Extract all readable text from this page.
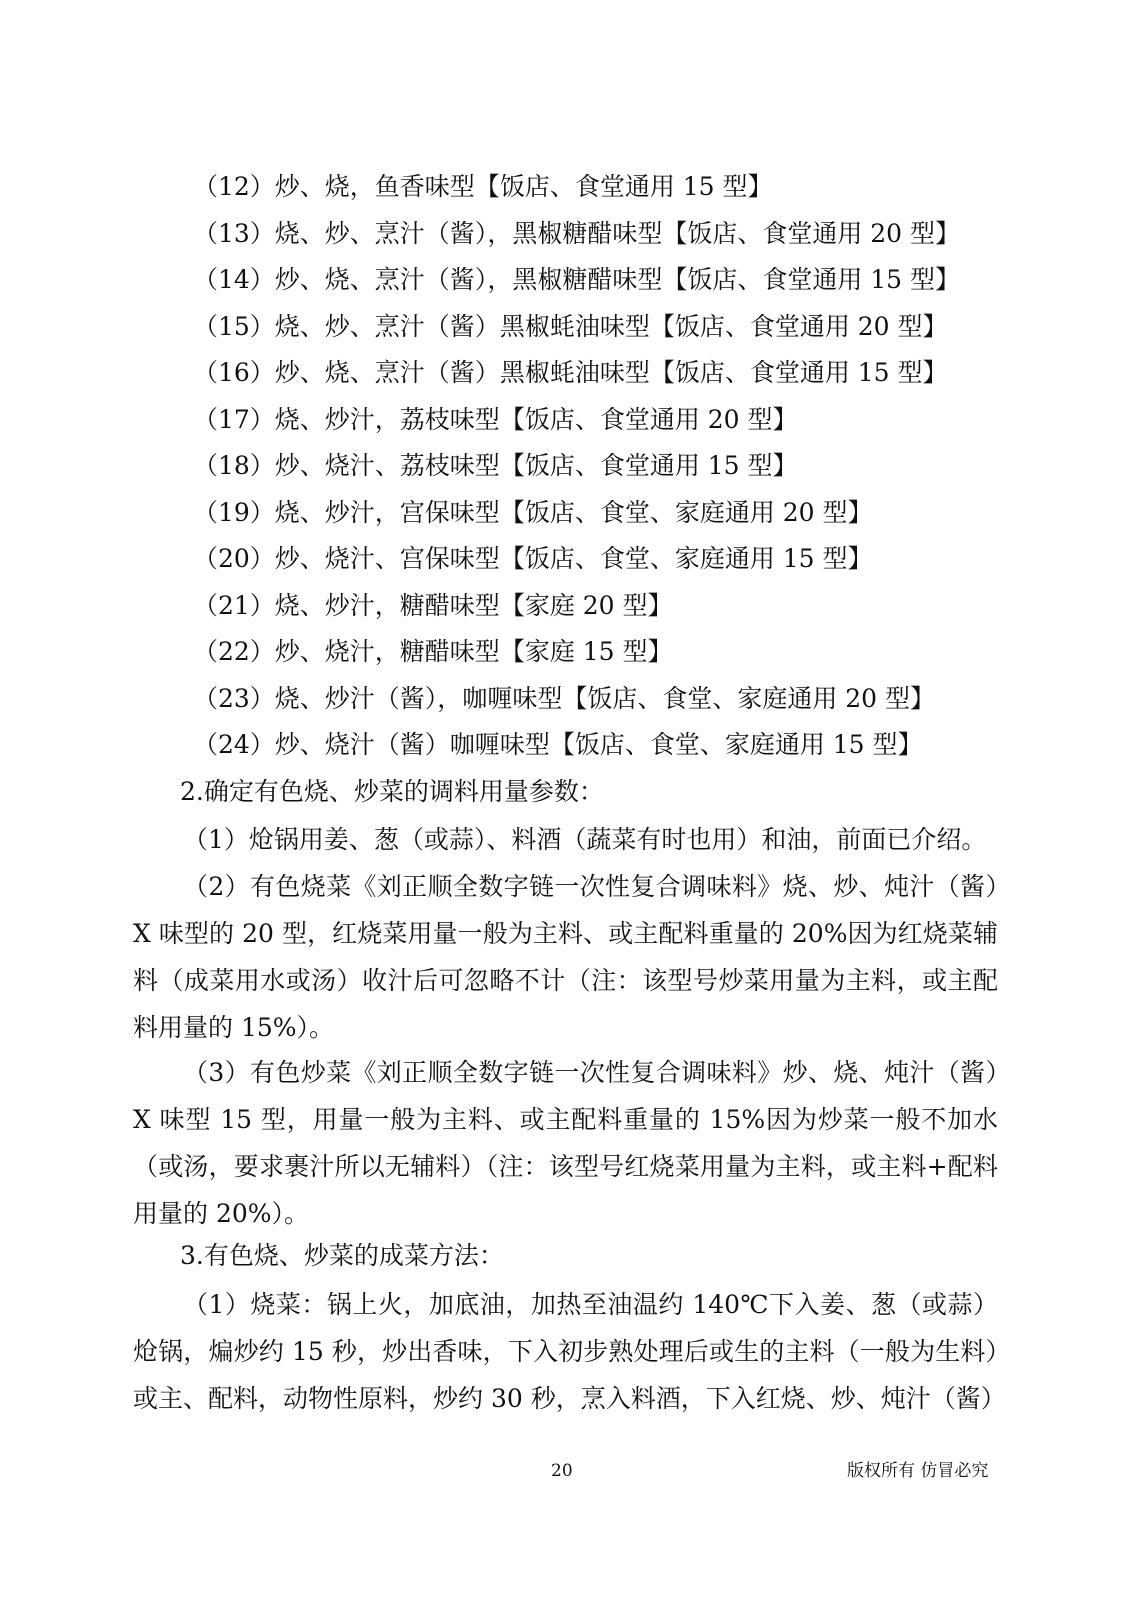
（12）炒、烧，鱼香味型【饭店、食堂通用 15 型】
（13）烧、炒、烹汁（酱），黑椒糖醋味型【饭店、食堂通用 20 型】
（14）炒、烧、烹汁（酱），黑椒糖醋味型【饭店、食堂通用 15 型】
（15）烧、炒、烹汁（酱）黑椒蚝油味型【饭店、食堂通用 20 型】
（16）炒、烧、烹汁（酱）黑椒蚝油味型【饭店、食堂通用 15 型】
（17）烧、炒汁，荔枝味型【饭店、食堂通用 20 型】
（18）炒、烧汁、荔枝味型【饭店、食堂通用 15 型】
（19）烧、炒汁，宫保味型【饭店、食堂、家庭通用 20 型】
（20）炒、烧汁、宫保味型【饭店、食堂、家庭通用 15 型】
（21）烧、炒汁，糖醋味型【家庭 20 型】
（22）炒、烧汁，糖醋味型【家庭 15 型】
（23）烧、炒汁（酱），咖喱味型【饭店、食堂、家庭通用 20 型】
（24）炒、烧汁（酱）咖喱味型【饭店、食堂、家庭通用 15 型】
2.确定有色烧、炒菜的调料用量参数：

（1）炝锅用姜、葱（或蒜）、料酒（蔬菜有时也用）和油，前面已介绍。

（2）有色烧菜《刘正顺全数字链一次性复合调味料》烧、炒、炖汁（酱）X 味型的 20 型，红烧菜用量一般为主料、或主配料重量的 20%因为红烧菜辅料（成菜用水或汤）收汁后可忽略不计（注：该型号炒菜用量为主料，或主配料用量的 15%）。

（3）有色炒菜《刘正顺全数字链一次性复合调味料》炒、烧、炖汁（酱）X 味型 15 型，用量一般为主料、或主配料重量的 15%因为炒菜一般不加水（或汤，要求裹汁所以无辅料）（注：该型号红烧菜用量为主料，或主料+配料用量的 20%）。

3.有色烧、炒菜的成菜方法：

（1）烧菜：锅上火，加底油，加热至油温约 140℃下入姜、葱（或蒜）炝锅，煸炒约 15 秒，炒出香味，下入初步熟处理后或生的主料（一般为生料）或主、配料，动物性原料，炒约 30 秒，烹入料酒，下入红烧、炒、炖汁（酱）

20	版权所有 仿冒必究
